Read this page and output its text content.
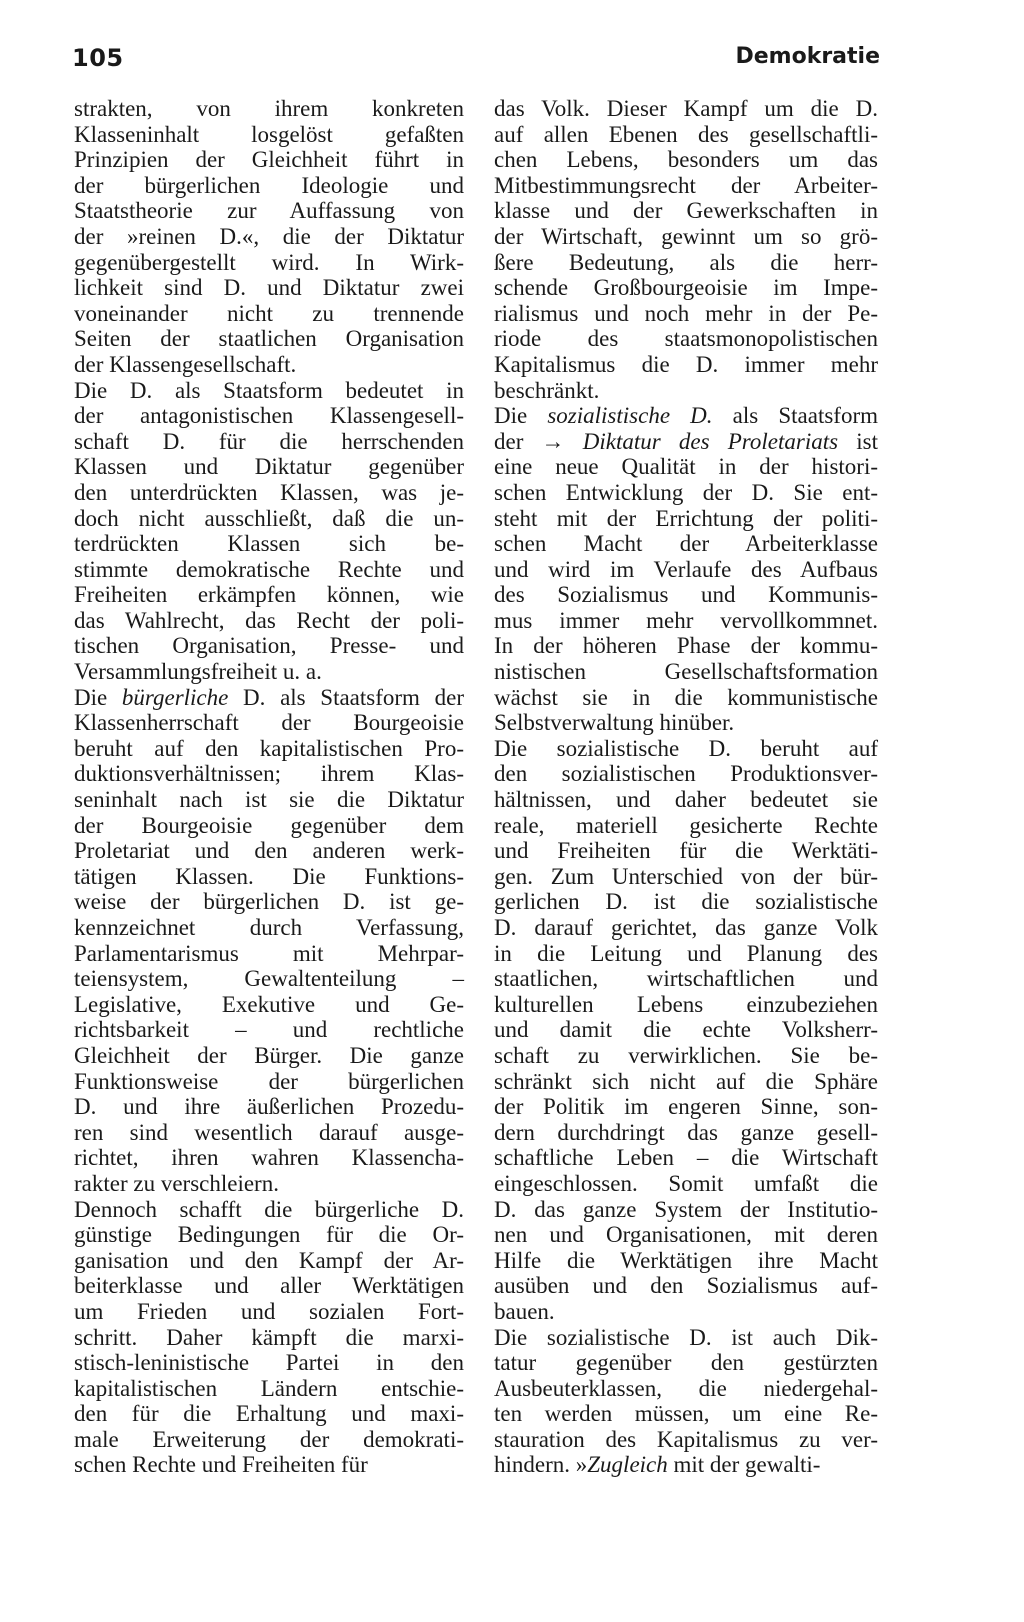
105	Demokratie
strakten, von ihrem konkreten
Klasseninhalt losgelöst gefaßten
Prinzipien der Gleichheit führt in
der bürgerlichen Ideologie und
Staatstheorie zur Auffassung von
der »reinen D.«, die der Diktatur
gegenübergestellt wird. In Wirk-
lichkeit sind D. und Diktatur zwei
voneinander nicht zu trennende
Seiten der staatlichen Organisation
der Klassengesellschaft.
Die D. als Staatsform bedeutet in
der antagonistischen Klassengesell-
schaft D. für die herrschenden
Klassen und Diktatur gegenüber
den unterdrückten Klassen, was je-
doch nicht ausschließt, daß die un-
terdrückten Klassen sich be-
stimmte demokratische Rechte und
Freiheiten erkämpfen können, wie
das Wahlrecht, das Recht der poli-
tischen Organisation, Presse- und
Versammlungsfreiheit u. a.
Die bürgerliche D. als Staatsform der
Klassenherrschaft der Bourgeoisie
beruht auf den kapitalistischen Pro-
duktionsverhältnissen; ihrem Klas-
seninhalt nach ist sie die Diktatur
der Bourgeoisie gegenüber dem
Proletariat und den anderen werk-
tätigen Klassen. Die Funktions-
weise der bürgerlichen D. ist ge-
kennzeichnet durch Verfassung,
Parlamentarismus mit Mehrpar-
teiensystem, Gewaltenteilung –
Legislative, Exekutive und Ge-
richtsbarkeit – und rechtliche
Gleichheit der Bürger. Die ganze
Funktionsweise der bürgerlichen
D. und ihre äußerlichen Prozedu-
ren sind wesentlich darauf ausge-
richtet, ihren wahren Klassencha-
rakter zu verschleiern.
Dennoch schafft die bürgerliche D.
günstige Bedingungen für die Or-
ganisation und den Kampf der Ar-
beiterklasse und aller Werktätigen
um Frieden und sozialen Fort-
schritt. Daher kämpft die marxi-
stisch-leninistische Partei in den
kapitalistischen Ländern entschie-
den für die Erhaltung und maxi-
male Erweiterung der demokrati-
schen Rechte und Freiheiten für
das Volk. Dieser Kampf um die D.
auf allen Ebenen des gesellschaftli-
chen Lebens, besonders um das
Mitbestimmungsrecht der Arbeiter-
klasse und der Gewerkschaften in
der Wirtschaft, gewinnt um so grö-
ßere Bedeutung, als die herr-
schende Großbourgeoisie im Impe-
rialismus und noch mehr in der Pe-
riode des staatsmonopolistischen
Kapitalismus die D. immer mehr
beschränkt.
Die sozialistische D. als Staatsform
der → Diktatur des Proletariats ist
eine neue Qualität in der histori-
schen Entwicklung der D. Sie ent-
steht mit der Errichtung der politi-
schen Macht der Arbeiterklasse
und wird im Verlaufe des Aufbaus
des Sozialismus und Kommunis-
mus immer mehr vervollkommnet.
In der höheren Phase der kommu-
nistischen Gesellschaftsformation
wächst sie in die kommunistische
Selbstverwaltung hinüber.
Die sozialistische D. beruht auf
den sozialistischen Produktionsver-
hältnissen, und daher bedeutet sie
reale, materiell gesicherte Rechte
und Freiheiten für die Werktäti-
gen. Zum Unterschied von der bür-
gerlichen D. ist die sozialistische
D. darauf gerichtet, das ganze Volk
in die Leitung und Planung des
staatlichen, wirtschaftlichen und
kulturellen Lebens einzubeziehen
und damit die echte Volksherr-
schaft zu verwirklichen. Sie be-
schränkt sich nicht auf die Sphäre
der Politik im engeren Sinne, son-
dern durchdringt das ganze gesell-
schaftliche Leben – die Wirtschaft
eingeschlossen. Somit umfaßt die
D. das ganze System der Institutio-
nen und Organisationen, mit deren
Hilfe die Werktätigen ihre Macht
ausüben und den Sozialismus auf-
bauen.
Die sozialistische D. ist auch Dik-
tatur gegenüber den gestürzten
Ausbeuterklassen, die niedergehal-
ten werden müssen, um eine Re-
stauration des Kapitalismus zu ver-
hindern. »Zugleich mit der gewalti-
